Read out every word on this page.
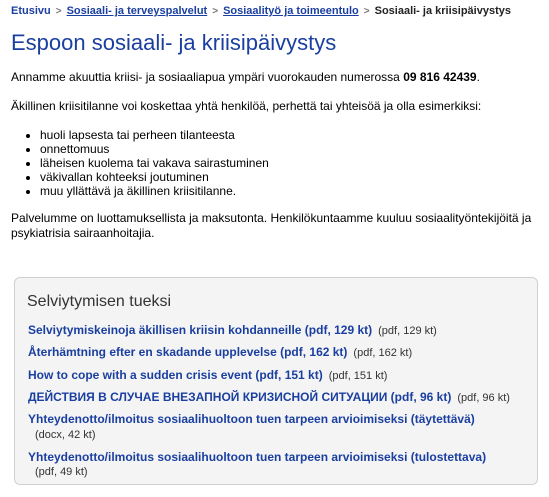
Etusivu > Sosiaali- ja terveyspalvelut > Sosiaalityö ja toimeentulo > Sosiaali- ja kriisipäivystys
Espoon sosiaali- ja kriisipäivystys

Annamme akuuttia kriisi- ja sosiaaliapua ympäri vuorokauden numerossa 09 816 42439.

Äkillinen kriisitilanne voi koskettaa yhtä henkilöä, perhettä tai yhteisöä ja olla esimerkiksi:

• huoli lapsesta tai perheen tilanteesta
• onnettomuus
• läheisen kuolema tai vakava sairastuminen
• väkivallan kohteeksi joutuminen
• muu yllättävä ja äkillinen kriisitilanne.

Palvelumme on luottamuksellista ja maksutonta. Henkilökuntaamme kuuluu sosiaalityöntekijöitä ja psykiatrisia sairaanhoitajia.

Selviytymisen tueksi
Selviytymiskeinoja äkillisen kriisin kohdanneille (pdf, 129 kt) (pdf, 129 kt)
Återhämtning efter en skadande upplevelse (pdf, 162 kt) (pdf, 162 kt)
How to cope with a sudden crisis event (pdf, 151 kt) (pdf, 151 kt)
ДЕЙСТВИЯ В СЛУЧАЕ ВНЕЗАПНОЙ КРИЗИСНОЙ СИТУАЦИИ (pdf, 96 kt) (pdf, 96 kt)
Yhteydenotto/ilmoitus sosiaalihuoltoon tuen tarpeen arvioimiseksi (täytettävä)
(docx, 42 kt)
Yhteydenotto/ilmoitus sosiaalihuoltoon tuen tarpeen arvioimiseksi (tulostettava)
(pdf, 49 kt)
